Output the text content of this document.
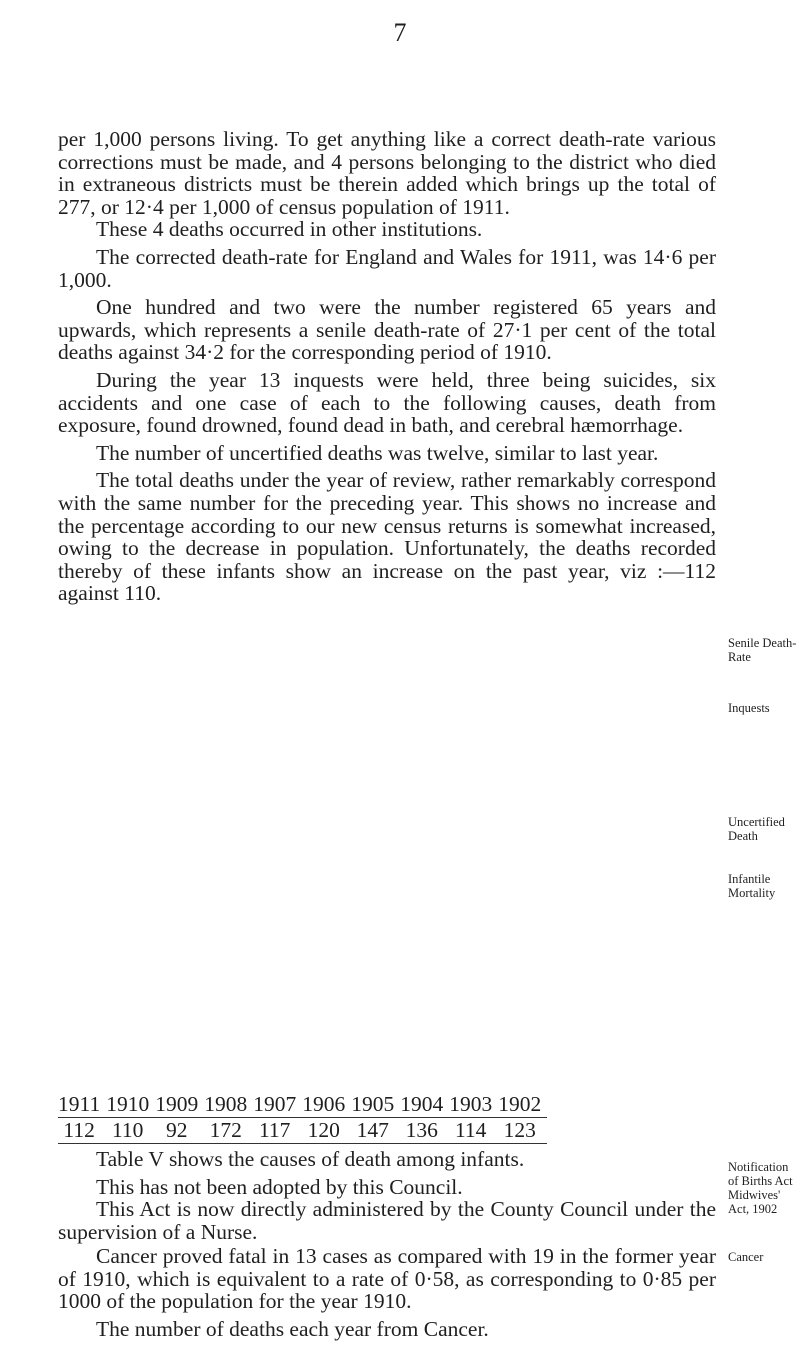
7

per 1,000 persons living. To get anything like a correct death-rate various corrections must be made, and 4 persons belonging to the district who died in extraneous districts must be therein added which brings up the total of 277, or 12·4 per 1,000 of census population of 1911.

These 4 deaths occurred in other institutions.

The corrected death-rate for England and Wales for 1911, was 14·6 per 1,000.

One hundred and two were the number registered 65 years and upwards, which represents a senile death-rate of 27·1 per cent of the total deaths against 34·2 for the corresponding period of 1910.

During the year 13 inquests were held, three being suicides, six accidents and one case of each to the following causes, death from exposure, found drowned, found dead in bath, and cerebral hæmorrhage.

The number of uncertified deaths was twelve, similar to last year.

The total deaths under the year of review, rather remarkably correspond with the same number for the preceding year. This shows no increase and the percentage according to our new census returns is somewhat increased, owing to the decrease in population. Unfortunately, the deaths recorded thereby of these infants show an increase on the past year, viz :—112 against 110.

Senile Death-
Rate
Inquests
Uncertified
Death
Infantile
Mortality
1911	1910	1909	1908	1907	1906	1905	1904	1903	1902
112	110	92	172	117	120	147	136	114	123

Table V shows the causes of death among infants.

This has not been adopted by this Council.

This Act is now directly administered by the County Council under the supervision of a Nurse.

Notification
of Births Act
Midwives'
Act, 1902

Cancer proved fatal in 13 cases as compared with 19 in the former year of 1910, which is equivalent to a rate of 0·58, as corresponding to 0·85 per 1000 of the population for the year 1910.

The number of deaths each year from Cancer.

Cancer
